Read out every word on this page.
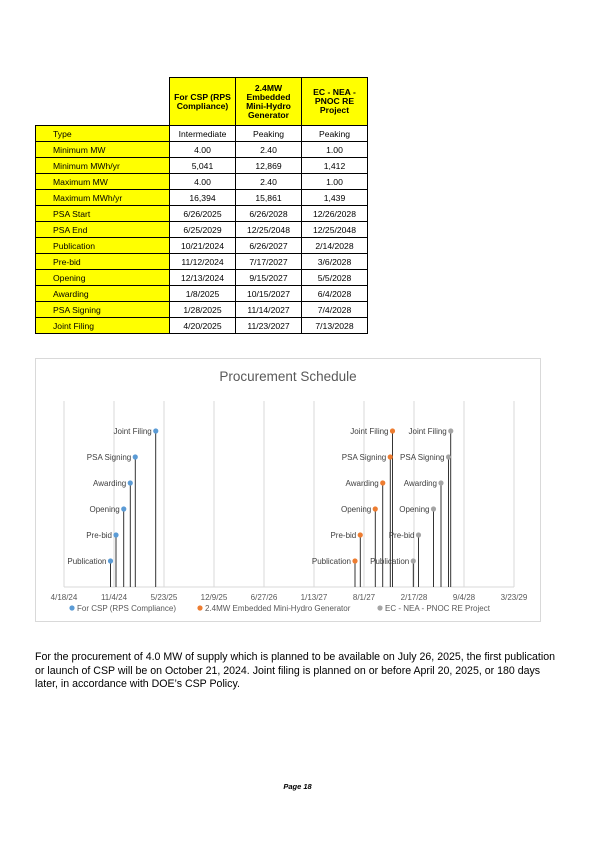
	For CSP (RPS Compliance)	2.4MW Embedded Mini-Hydro Generator	EC - NEA - PNOC RE Project
Type	Intermediate	Peaking	Peaking
Minimum MW	4.00	2.40	1.00
Minimum MWh/yr	5,041	12,869	1,412
Maximum MW	4.00	2.40	1.00
Maximum MWh/yr	16,394	15,861	1,439
PSA Start	6/26/2025	6/26/2028	12/26/2028
PSA End	6/25/2029	12/25/2048	12/25/2048
Publication	10/21/2024	6/26/2027	2/14/2028
Pre-bid	11/12/2024	7/17/2027	3/6/2028
Opening	12/13/2024	9/15/2027	5/5/2028
Awarding	1/8/2025	10/15/2027	6/4/2028
PSA Signing	1/28/2025	11/14/2027	7/4/2028
Joint Filing	4/20/2025	11/23/2027	7/13/2028
Procurement Schedule
4/18/24	11/4/24	5/23/25	12/9/25	6/27/26	1/13/27	8/1/27	2/17/28	9/4/28	3/23/29
Publication
Pre-bid
Opening
Awarding
PSA Signing
Joint Filing
Publication
Pre-bid
Opening
Awarding
PSA Signing
Joint Filing
Publication
Pre-bid
Opening
Awarding
PSA Signing
Joint Filing
For CSP (RPS Compliance)	2.4MW Embedded Mini-Hydro Generator	EC - NEA - PNOC RE Project

For the procurement of 4.0 MW of supply which is planned to be available on July 26, 2025, the first publication or launch of CSP will be on October 21, 2024. Joint filing is planned on or before April 20, 2025, or 180 days later, in accordance with DOE’s CSP Policy.

Page 18
